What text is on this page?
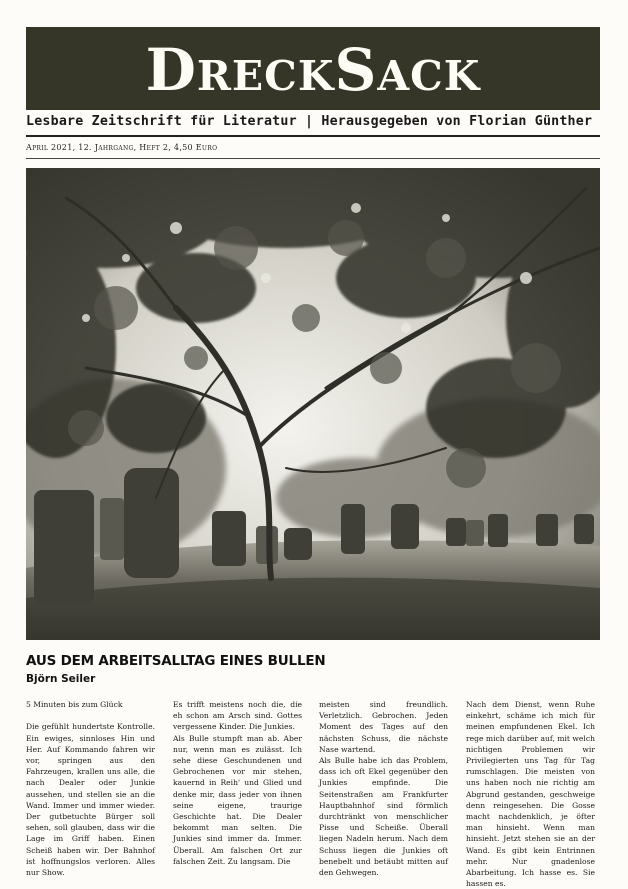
DreckSack
Lesbare Zeitschrift für Literatur | Herausgegeben von Florian Günther
April 2021, 12. Jahrgang, Heft 2, 4,50 Euro
AUS DEM ARBEITSALLTAG EINES BULLEN
Björn Seiler

5 Minuten bis zum Glück

Die gefühlt hundertste Kontrolle. Ein ewiges, sinnloses Hin und Her. Auf Kommando fahren wir vor, springen aus den Fahrzeugen, krallen uns alle, die nach Dealer oder Junkie aussehen, und stellen sie an die Wand. Immer und immer wieder. Der gutbetuchte Bürger soll sehen, soll glauben, dass wir die Lage im Griff haben. Einen Scheiß haben wir. Der Bahnhof ist hoffnungslos verloren. Alles nur Show.

Es trifft meistens noch die, die eh schon am Arsch sind. Gottes vergessene Kinder. Die Junkies.

Als Bulle stumpft man ab. Aber nur, wenn man es zulässt. Ich sehe diese Geschundenen und Gebrochenen vor mir stehen, kauernd in Reih' und Glied und denke mir, dass jeder von ihnen seine eigene, traurige Geschichte hat. Die Dealer bekommt man selten. Die Junkies sind immer da. Immer. Überall. Am falschen Ort zur falschen Zeit. Zu langsam. Die

meisten sind freundlich. Verletzlich. Gebrochen. Jeden Moment des Tages auf den nächsten Schuss, die nächste Nase wartend.

Als Bulle habe ich das Problem, dass ich oft Ekel gegenüber den Junkies empfinde. Die Seitenstraßen am Frankfurter Hauptbahnhof sind förmlich durchtränkt von menschlicher Pisse und Scheiße. Überall liegen Nadeln herum. Nach dem Schuss liegen die Junkies oft benebelt und betäubt mitten auf den Gehwegen.

Nach dem Dienst, wenn Ruhe einkehrt, schäme ich mich für meinen empfundenen Ekel. Ich rege mich darüber auf, mit welch nichtigen Problemen wir Privilegierten uns Tag für Tag rumschlagen. Die meisten von uns haben noch nie richtig am Abgrund gestanden, geschweige denn reingesehen. Die Gosse macht nachdenklich, je öfter man hinsieht. Wenn man hinsieht. Jetzt stehen sie an der Wand. Es gibt kein Entrinnen mehr. Nur gnadenlose Abarbeitung. Ich hasse es. Sie hassen es.
